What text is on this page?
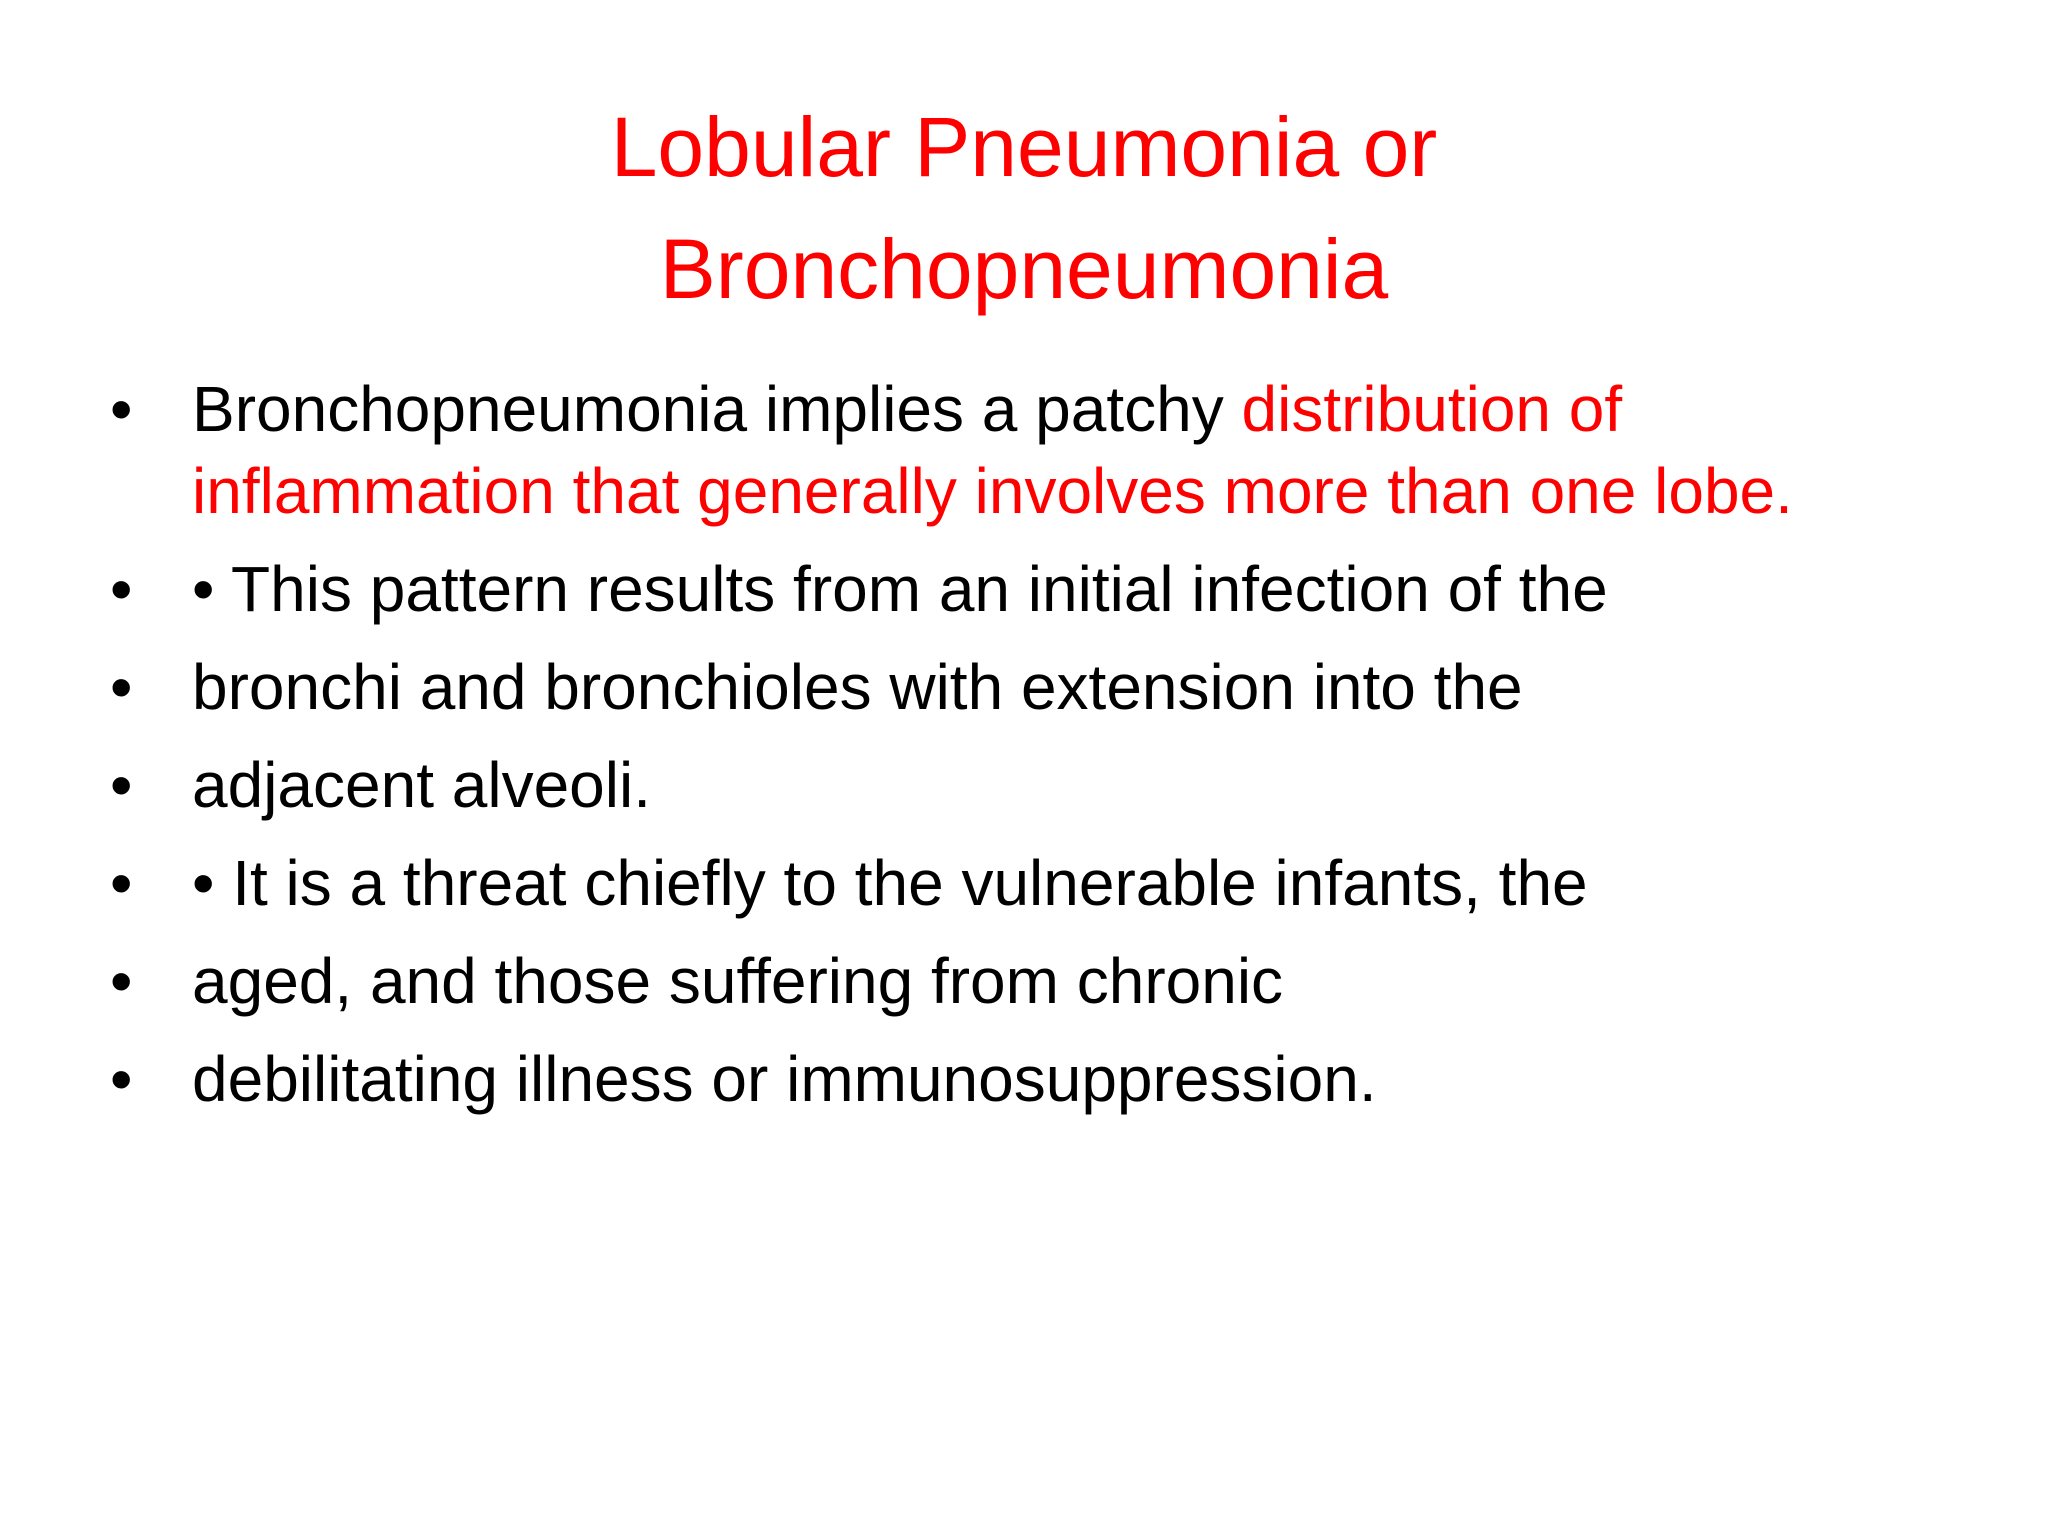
Lobular Pneumonia or
Bronchopneumonia
• Bronchopneumonia implies a patchy distribution of inflammation that generally involves more than one lobe.
• • This pattern results from an initial infection of the
• bronchi and bronchioles with extension into the
• adjacent alveoli.
• • It is a threat chiefly to the vulnerable infants, the
• aged, and those suffering from chronic
• debilitating illness or immunosuppression.
